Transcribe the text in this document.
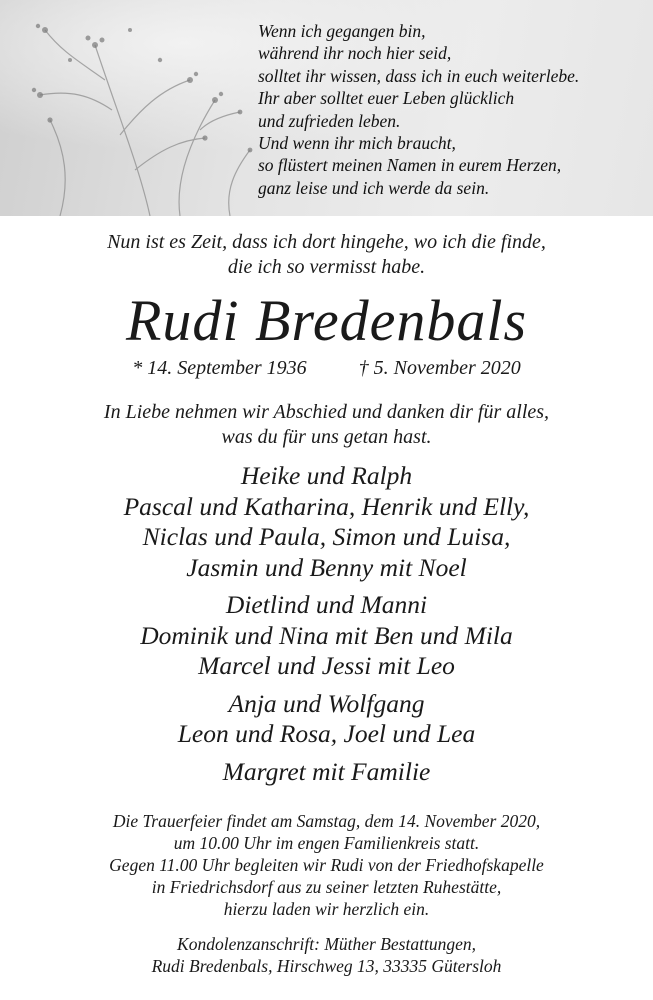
Wenn ich gegangen bin,
während ihr noch hier seid,
solltet ihr wissen, dass ich in euch weiterlebe.
Ihr aber solltet euer Leben glücklich
und zufrieden leben.
Und wenn ihr mich braucht,
so flüstert meinen Namen in eurem Herzen,
ganz leise und ich werde da sein.
Nun ist es Zeit, dass ich dort hingehe, wo ich die finde,
die ich so vermisst habe.
Rudi Bredenbals
* 14. September 1936	† 5. November 2020
In Liebe nehmen wir Abschied und danken dir für alles,
was du für uns getan hast.
Heike und Ralph
Pascal und Katharina, Henrik und Elly,
Niclas und Paula, Simon und Luisa,
Jasmin und Benny mit Noel
Dietlind und Manni
Dominik und Nina mit Ben und Mila
Marcel und Jessi mit Leo
Anja und Wolfgang
Leon und Rosa, Joel und Lea
Margret mit Familie
Die Trauerfeier findet am Samstag, dem 14. November 2020,
um 10.00 Uhr im engen Familienkreis statt.
Gegen 11.00 Uhr begleiten wir Rudi von der Friedhofskapelle
in Friedrichsdorf aus zu seiner letzten Ruhestätte,
hierzu laden wir herzlich ein.
Kondolenzanschrift: Müther Bestattungen,
Rudi Bredenbals, Hirschweg 13, 33335 Gütersloh
